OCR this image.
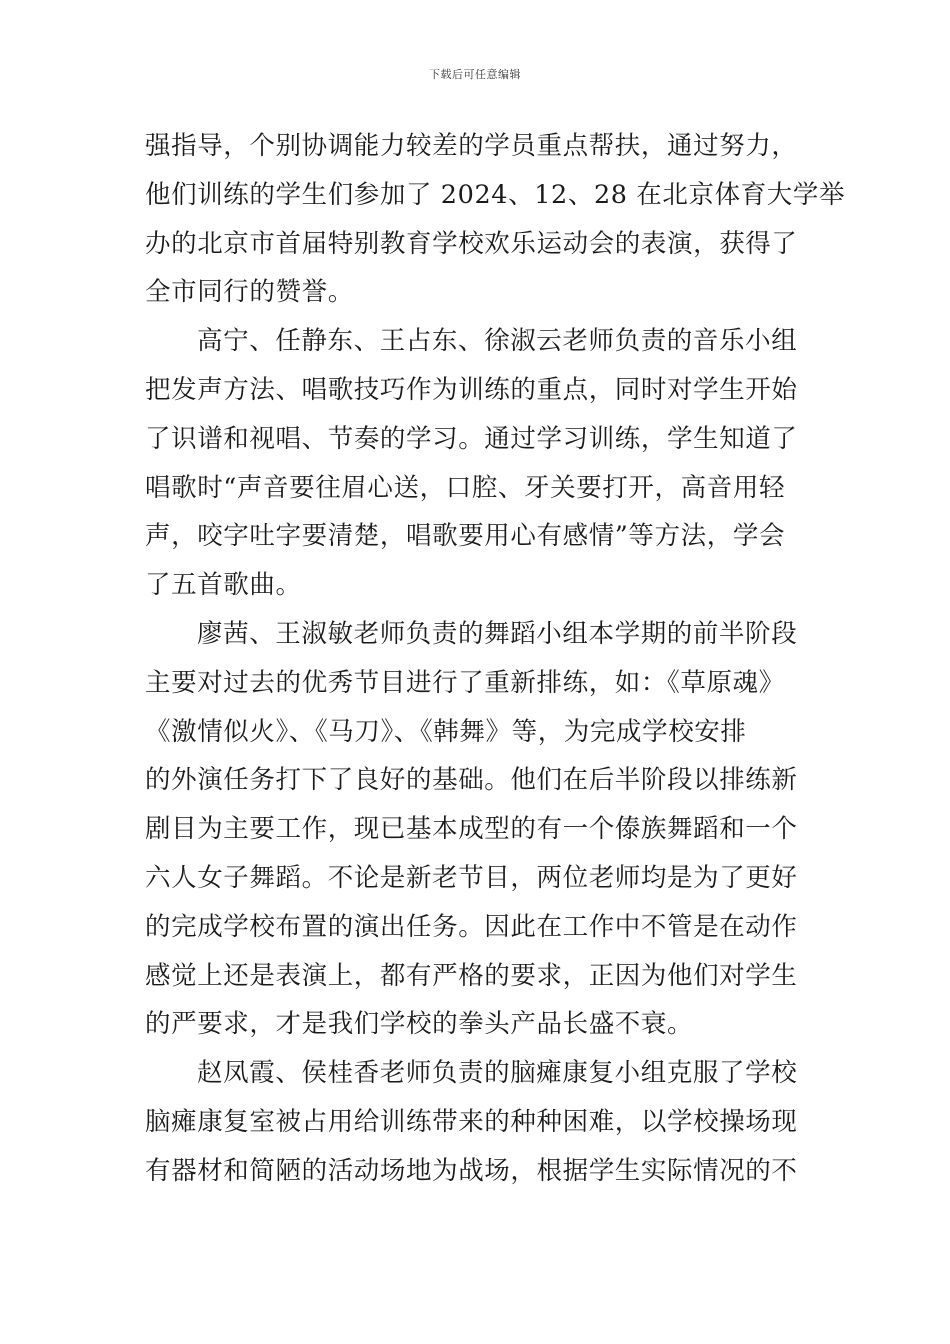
下载后可任意编辑
强指导，个别协调能力较差的学员重点帮扶，通过努力，
他们训练的学生们参加了 2024、12、28 在北京体育大学举
办的北京市首届特别教育学校欢乐运动会的表演，获得了
全市同行的赞誉。
高宁、任静东、王占东、徐淑云老师负责的音乐小组
把发声方法、唱歌技巧作为训练的重点，同时对学生开始
了识谱和视唱、节奏的学习。通过学习训练，学生知道了
唱歌时“声音要往眉心送，口腔、牙关要打开，高音用轻
声，咬字吐字要清楚，唱歌要用心有感情”等方法，学会
了五首歌曲。
廖茜、王淑敏老师负责的舞蹈小组本学期的前半阶段
主要对过去的优秀节目进行了重新排练，如：《草原魂》
《激情似火》、《马刀》、《韩舞》等，为完成学校安排
的外演任务打下了良好的基础。他们在后半阶段以排练新
剧目为主要工作，现已基本成型的有一个傣族舞蹈和一个
六人女子舞蹈。不论是新老节目，两位老师均是为了更好
的完成学校布置的演出任务。因此在工作中不管是在动作
感觉上还是表演上，都有严格的要求，正因为他们对学生
的严要求，才是我们学校的拳头产品长盛不衰。
赵凤霞、侯桂香老师负责的脑瘫康复小组克服了学校
脑瘫康复室被占用给训练带来的种种困难，以学校操场现
有器材和简陋的活动场地为战场，根据学生实际情况的不
